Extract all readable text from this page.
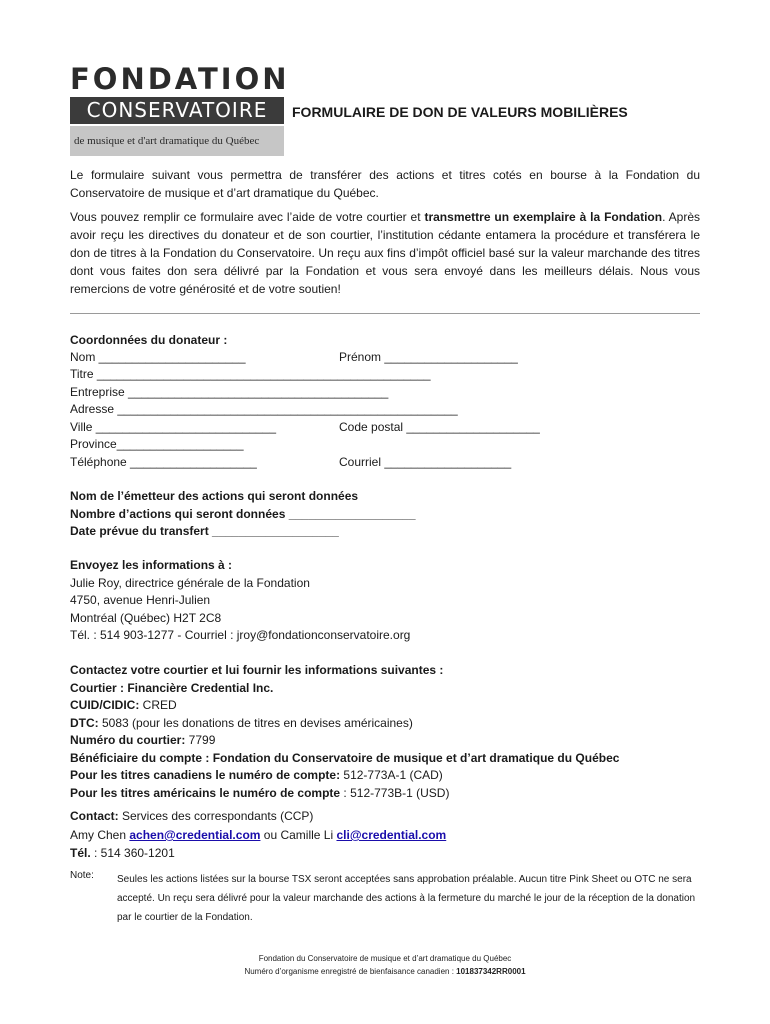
FONDATION
CONSERVATOIRE
de musique et d'art dramatique du Québec
FORMULAIRE DE DON DE VALEURS MOBILIÈRES
Le formulaire suivant vous permettra de transférer des actions et titres cotés en bourse à la Fondation du Conservatoire de musique et d’art dramatique du Québec.
Vous pouvez remplir ce formulaire avec l’aide de votre courtier et transmettre un exemplaire à la Fondation. Après avoir reçu les directives du donateur et de son courtier, l’institution cédante entamera la procédure et transférera le don de titres à la Fondation du Conservatoire. Un reçu aux fins d’impôt officiel basé sur la valeur marchande des titres dont vous faites don sera délivré par la Fondation et vous sera envoyé dans les meilleurs délais. Nous vous remercions de votre générosité et de votre soutien!
Coordonnées du donateur :
Nom ______________________	Prénom ____________________
Titre __________________________________________________
Entreprise _______________________________________
Adresse ___________________________________________________
Ville ___________________________	Code postal ____________________
Province___________________
Téléphone ___________________	Courriel ___________________
Nom de l’émetteur des actions qui seront données
Nombre d’actions qui seront données ___________________
Date prévue du transfert ___________________
Envoyez les informations à :
Julie Roy, directrice générale de la Fondation
4750, avenue Henri-Julien
Montréal (Québec) H2T 2C8
Tél. : 514 903-1277 - Courriel : jroy@fondationconservatoire.org
Contactez votre courtier et lui fournir les informations suivantes :
Courtier : Financière Credential Inc.
CUID/CIDIC: CRED
DTC: 5083 (pour les donations de titres en devises américaines)
Numéro du courtier: 7799
Bénéficiaire du compte : Fondation du Conservatoire de musique et d’art dramatique du Québec
Pour les titres canadiens le numéro de compte: 512-773A-1 (CAD)
Pour les titres américains le numéro de compte : 512-773B-1 (USD)
Contact: Services des correspondants (CCP)
Amy Chen achen@credential.com ou Camille Li cli@credential.com
Tél. : 514 360-1201
Note: Seules les actions listées sur la bourse TSX seront acceptées sans approbation préalable. Aucun titre Pink Sheet ou OTC ne sera accepté. Un reçu sera délivré pour la valeur marchande des actions à la fermeture du marché le jour de la réception de la donation par le courtier de la Fondation.
Fondation du Conservatoire de musique et d’art dramatique du Québec
Numéro d’organisme enregistré de bienfaisance canadien : 101837342RR0001
